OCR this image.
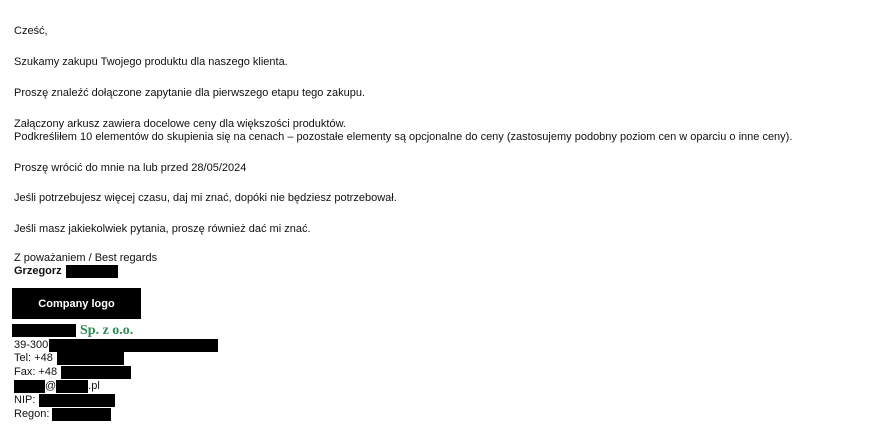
Cześć,

Szukamy zakupu Twojego produktu dla naszego klienta.

Proszę znaleźć dołączone zapytanie dla pierwszego etapu tego zakupu.

Załączony arkusz zawiera docelowe ceny dla większości produktów.

Podkreśliłem 10 elementów do skupienia się na cenach – pozostałe elementy są opcjonalne do ceny (zastosujemy podobny poziom cen w oparciu o inne ceny).

Proszę wrócić do mnie na lub przed 28/05/2024

Jeśli potrzebujesz więcej czasu, daj mi znać, dopóki nie będziesz potrzebował.

Jeśli masz jakiekolwiek pytania, proszę również dać mi znać.

Z poważaniem / Best regards
Grzegorz
Company logo
Sp. z o.o.
39-300
Tel: +48
Fax: +48
@	.pl
NIP:
Regon:
